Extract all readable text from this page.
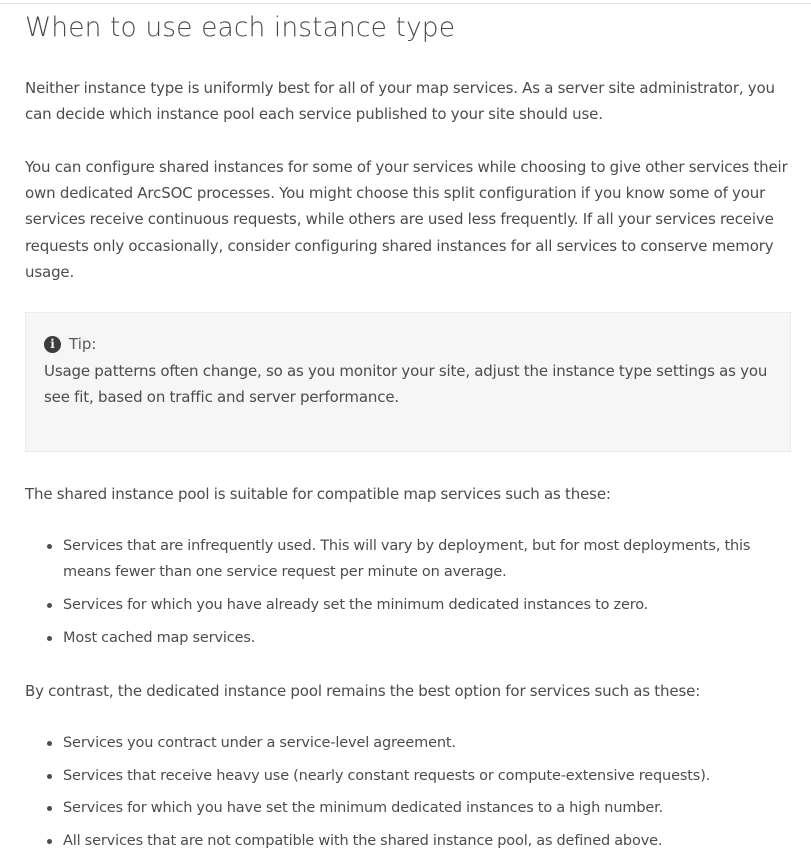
When to use each instance type

Neither instance type is uniformly best for all of your map services. As a server site administrator, you can decide which instance pool each service published to your site should use.

You can configure shared instances for some of your services while choosing to give other services their own dedicated ArcSOC processes. You might choose this split configuration if you know some of your services receive continuous requests, while others are used less frequently. If all your services receive requests only occasionally, consider configuring shared instances for all services to conserve memory usage.

i Tip:
Usage patterns often change, so as you monitor your site, adjust the instance type settings as you see fit, based on traffic and server performance.

The shared instance pool is suitable for compatible map services such as these:

Services that are infrequently used. This will vary by deployment, but for most deployments, this means fewer than one service request per minute on average.
Services for which you have already set the minimum dedicated instances to zero.
Most cached map services.

By contrast, the dedicated instance pool remains the best option for services such as these:

Services you contract under a service-level agreement.
Services that receive heavy use (nearly constant requests or compute-extensive requests).
Services for which you have set the minimum dedicated instances to a high number.
All services that are not compatible with the shared instance pool, as defined above.
